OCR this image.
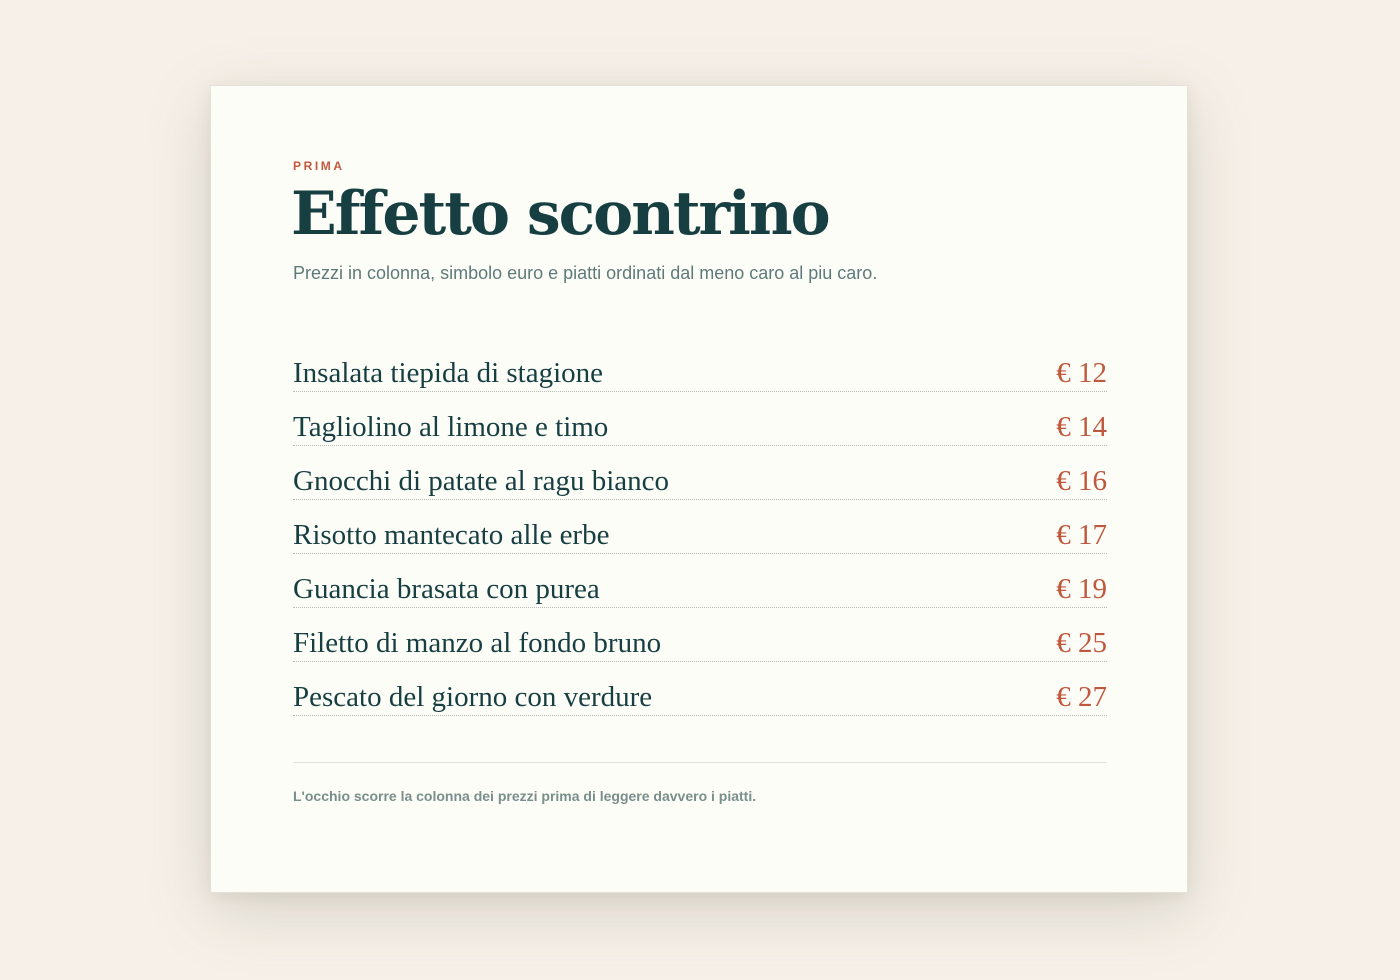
PRIMA
Effetto scontrino

Prezzi in colonna, simbolo euro e piatti ordinati dal meno caro al piu caro.

Insalata tiepida di stagione	€ 12
Tagliolino al limone e timo	€ 14
Gnocchi di patate al ragu bianco	€ 16
Risotto mantecato alle erbe	€ 17
Guancia brasata con purea	€ 19
Filetto di manzo al fondo bruno	€ 25
Pescato del giorno con verdure	€ 27

L'occhio scorre la colonna dei prezzi prima di leggere davvero i piatti.
